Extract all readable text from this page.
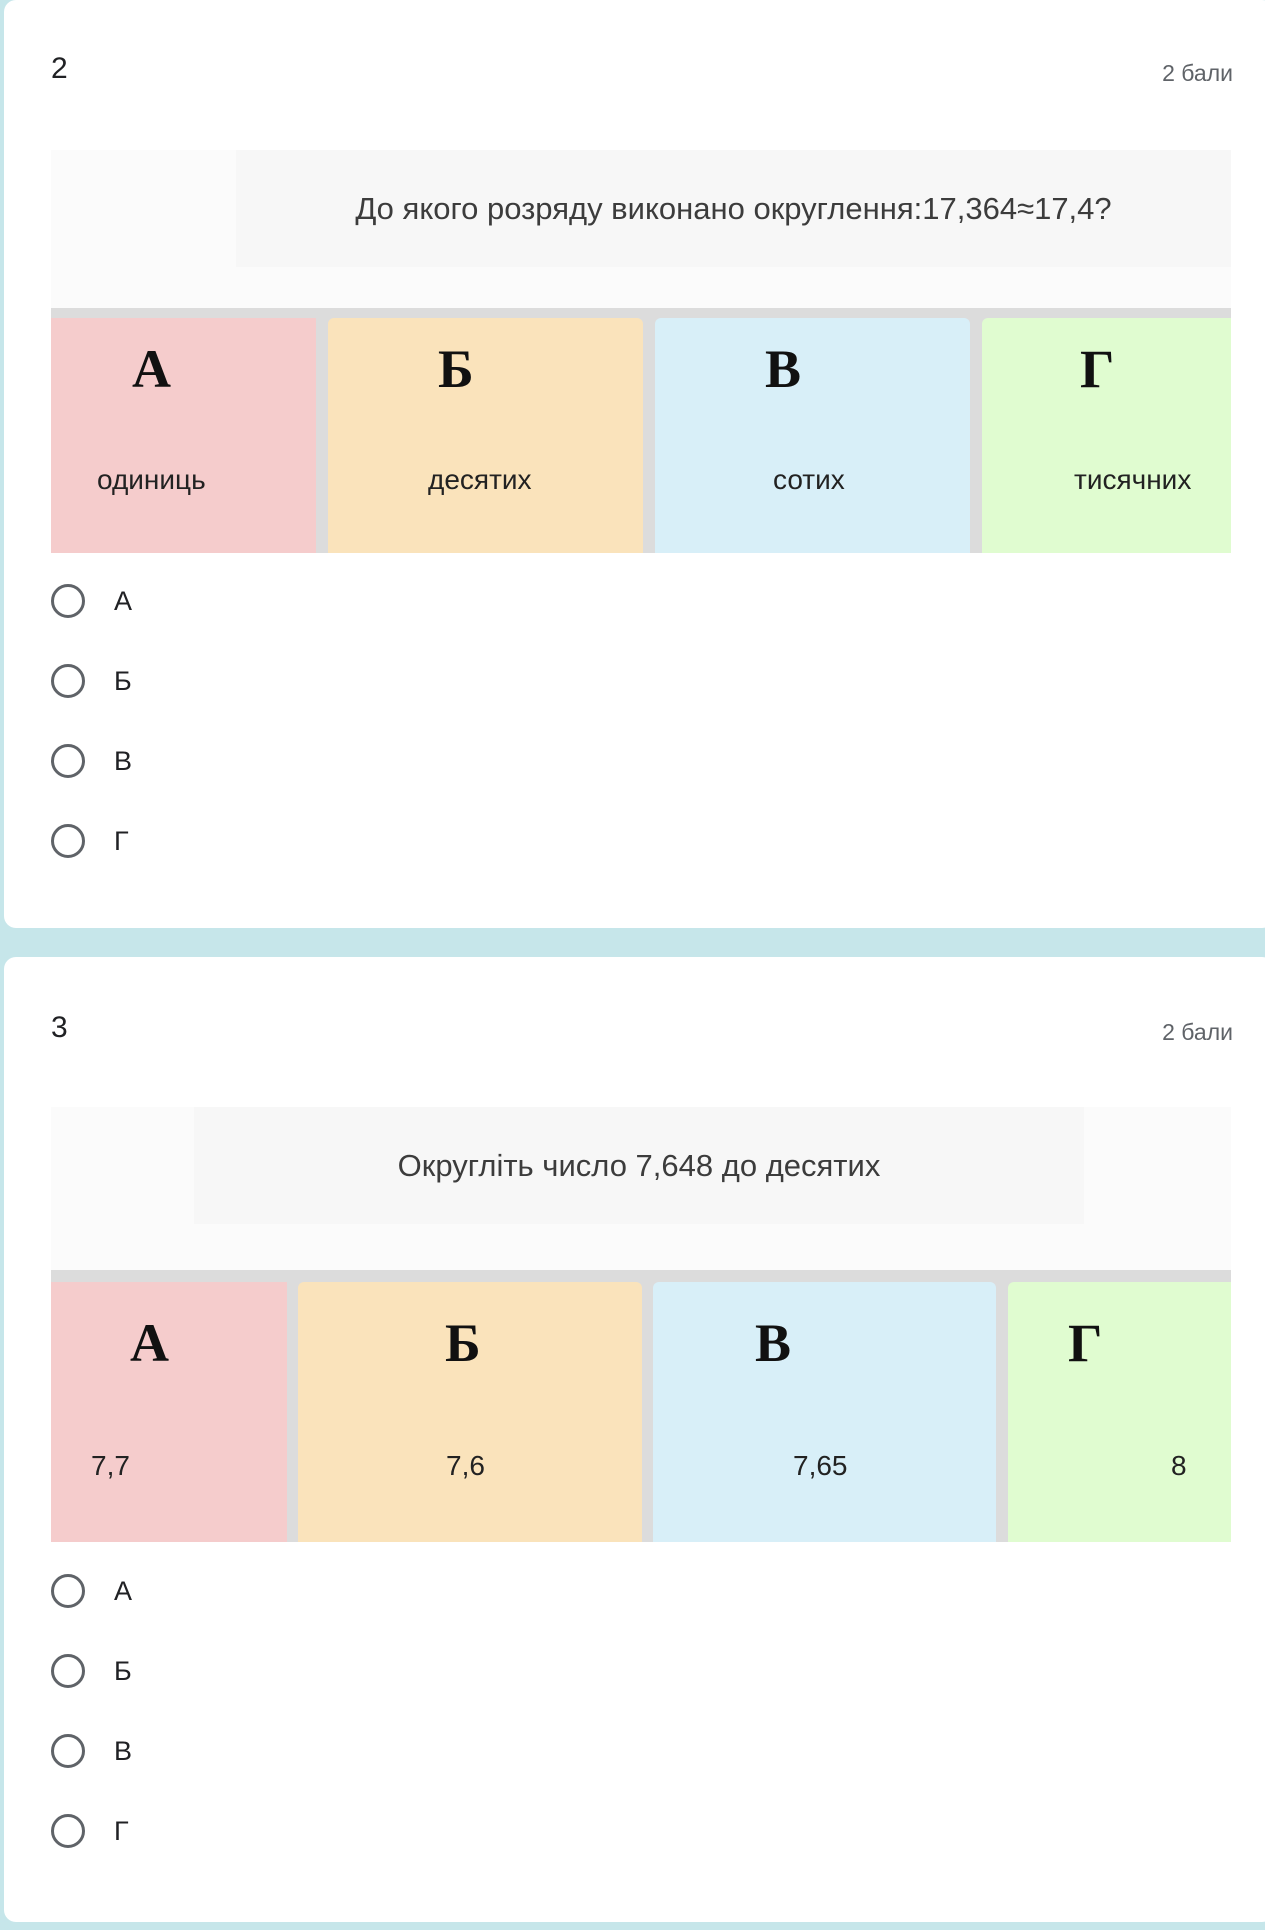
2	2 бали
До якого розряду виконано округлення:17,364≈17,4?
А
одиниць
Б
десятих
В
сотих
Г
тисячних
А
Б
В
Г
3	2 бали
Округліть число 7,648 до десятих
А
7,7
Б
7,6
В
7,65
Г
8
А
Б
В
Г
